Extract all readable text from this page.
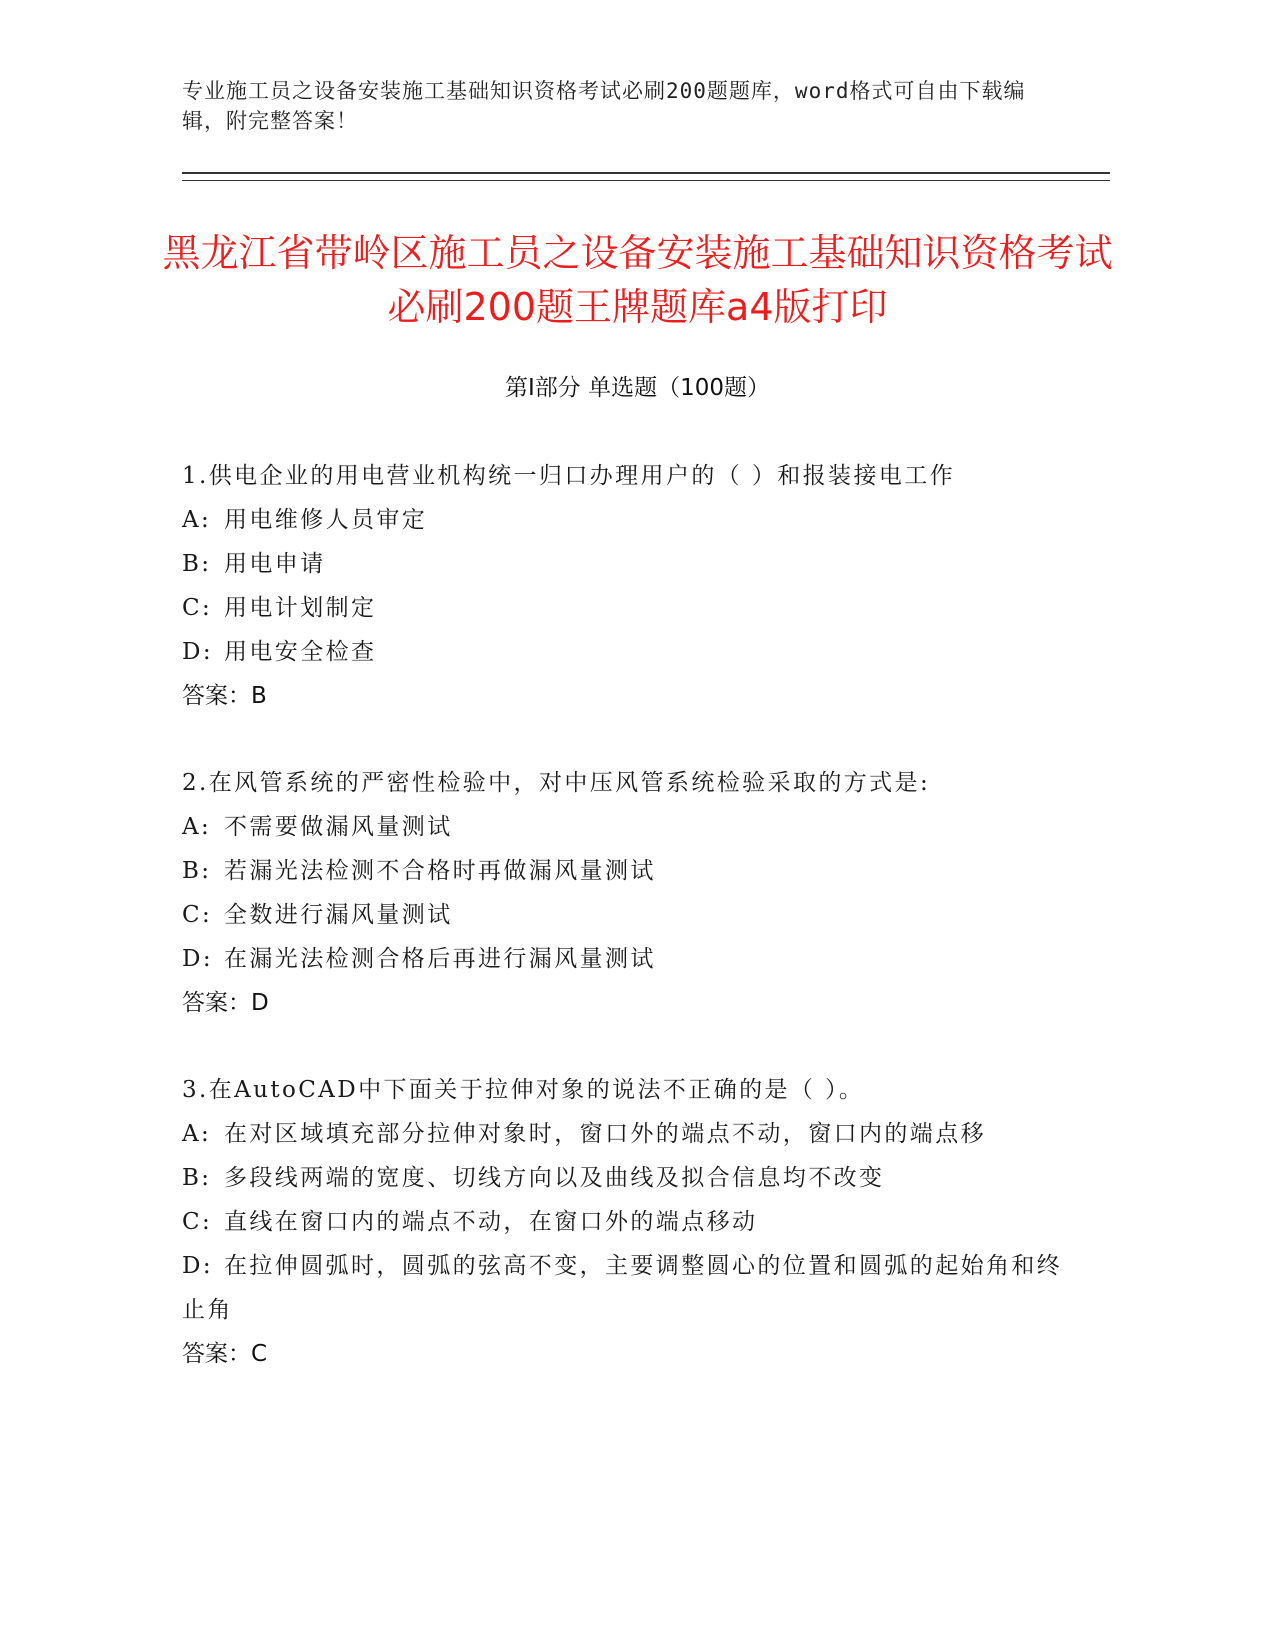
专业施工员之设备安装施工基础知识资格考试必刷200题题库，word格式可自由下载编辑，附完整答案！
黑龙江省带岭区施工员之设备安装施工基础知识资格考试必刷200题王牌题库a4版打印
第Ⅰ部分 单选题（100题）
1.供电企业的用电营业机构统一归口办理用户的（ ）和报装接电工作
A: 用电维修人员审定
B: 用电申请
C: 用电计划制定
D: 用电安全检查
答案：B
2.在风管系统的严密性检验中，对中压风管系统检验采取的方式是:
A: 不需要做漏风量测试
B: 若漏光法检测不合格时再做漏风量测试
C: 全数进行漏风量测试
D: 在漏光法检测合格后再进行漏风量测试
答案：D
3.在AutoCAD中下面关于拉伸对象的说法不正确的是（ ）。
A: 在对区域填充部分拉伸对象时，窗口外的端点不动，窗口内的端点移
B: 多段线两端的宽度、切线方向以及曲线及拟合信息均不改变
C: 直线在窗口内的端点不动，在窗口外的端点移动
D: 在拉伸圆弧时，圆弧的弦高不变，主要调整圆心的位置和圆弧的起始角和终止角
答案：C
